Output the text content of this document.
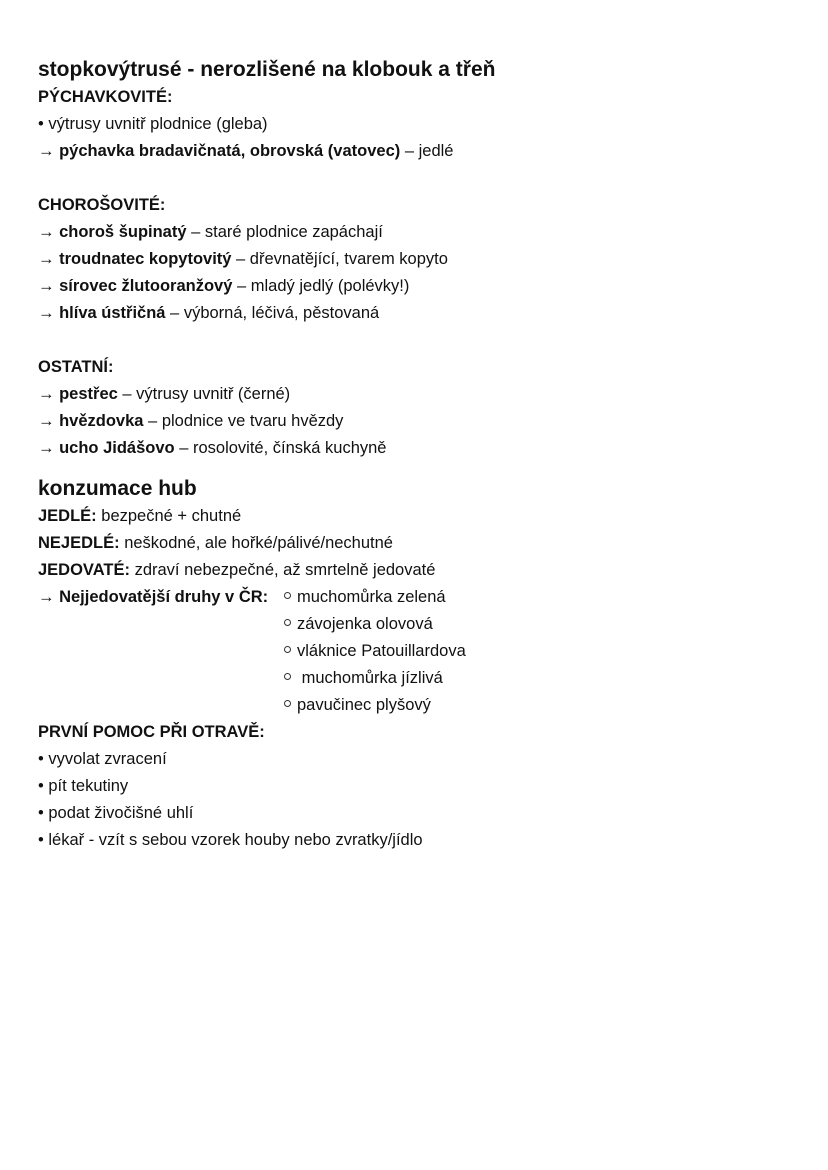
stopkovýtrusé - nerozlišené na klobouk a třeň
PÝCHAVKOVITÉ:
• výtrusy uvnitř plodnice (gleba)
→ pýchavka bradavičnatá, obrovská (vatovec) – jedlé
CHOROŠOVITÉ:
→ choroš šupinatý – staré plodnice zapáchají
→ troudnatec kopytovitý – dřevnatějící, tvarem kopyto
→ sírovec žlutooranžový – mladý jedlý (polévky!)
→ hlíva ústřičná – výborná, léčivá, pěstovaná
OSTATNÍ:
→ pestřec – výtrusy uvnitř (černé)
→ hvězdovka – plodnice ve tvaru hvězdy
→ ucho Jidášovo – rosolovité, čínská kuchyně
konzumace hub
JEDLÉ: bezpečné + chutné
NEJEDLÉ: neškodné, ale hořké/pálivé/nechutné
JEDOVATÉ: zdraví nebezpečné, až smrtelně jedovaté
→ Nejjedovatější druhy v ČR:	muchomůrka zelená
závojenka olovová
vláknice Patouillardova
muchomůrka jízlivá
pavučinec plyšový
PRVNÍ POMOC PŘI OTRAVĚ:
• vyvolat zvracení
• pít tekutiny
• podat živočišné uhlí
• lékař - vzít s sebou vzorek houby nebo zvratky/jídlo
